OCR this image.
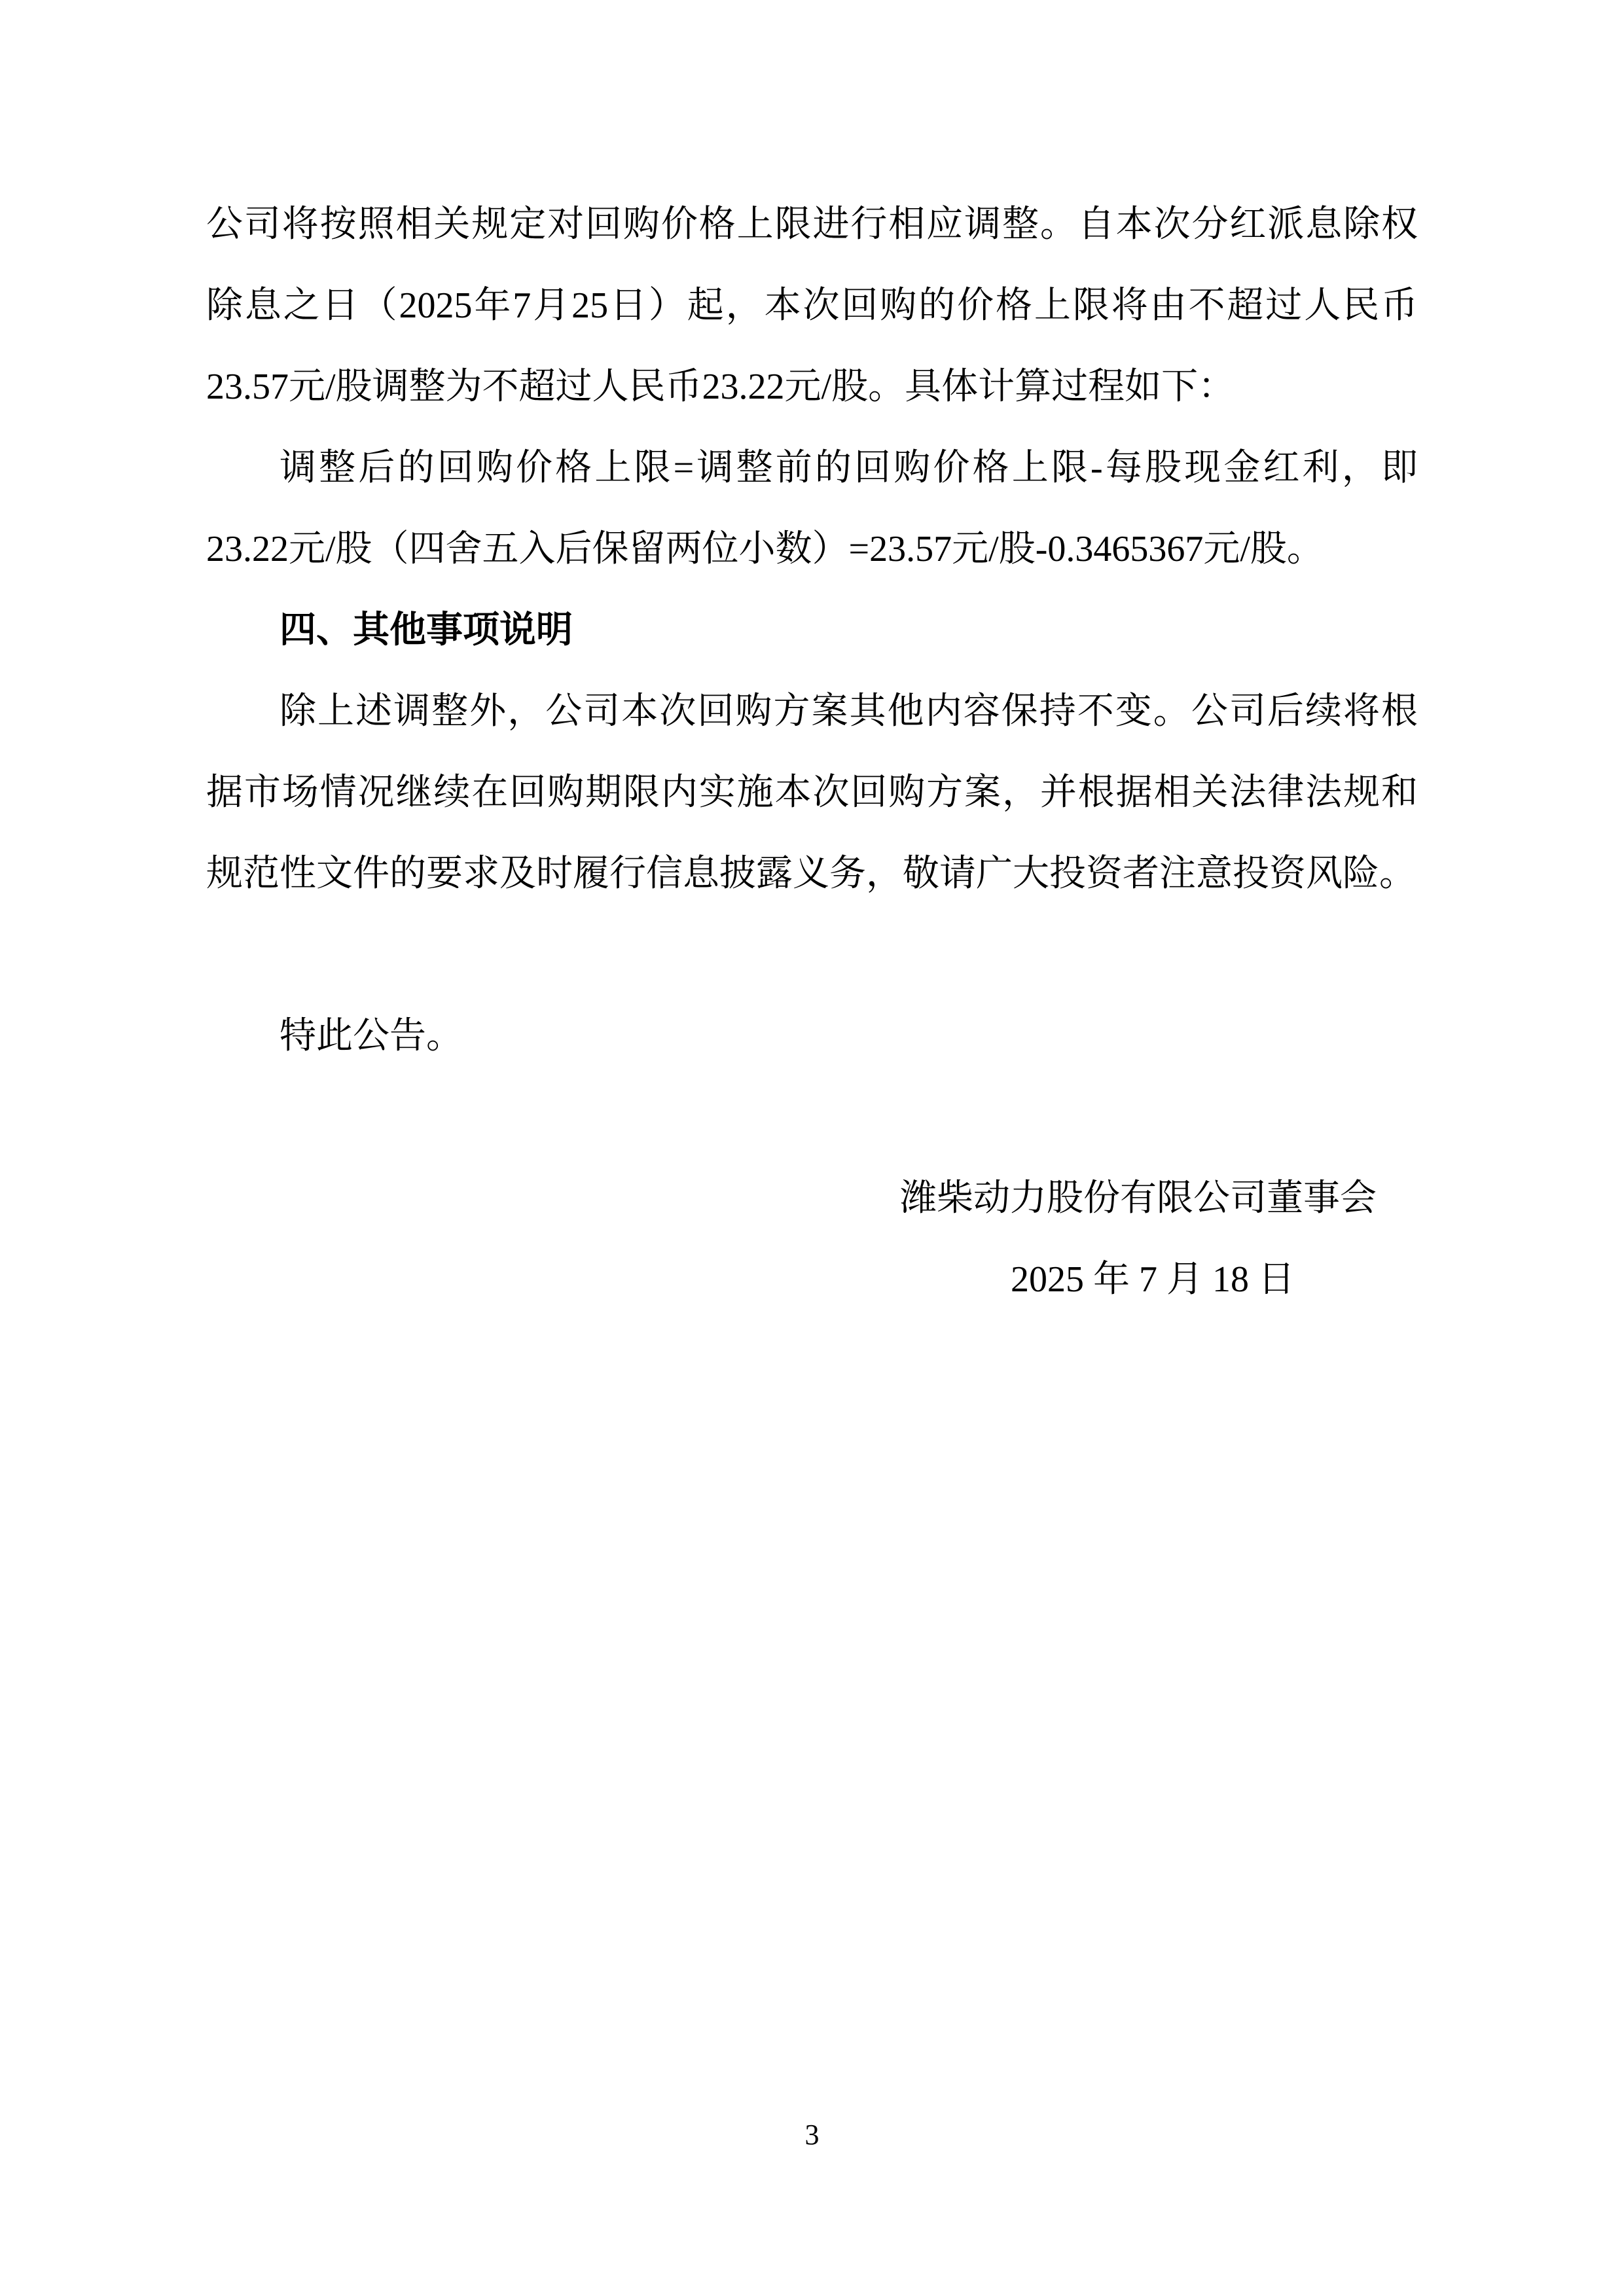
公司将按照相关规定对回购价格上限进行相应调整。自本次分红派息除权
除息之日（2025年7月25日）起，本次回购的价格上限将由不超过人民币
23.57元/股调整为不超过人民币23.22元/股。具体计算过程如下：
调整后的回购价格上限=调整前的回购价格上限-每股现金红利，即
23.22元/股（四舍五入后保留两位小数）=23.57元/股-0.3465367元/股。
四、其他事项说明
除上述调整外，公司本次回购方案其他内容保持不变。公司后续将根
据市场情况继续在回购期限内实施本次回购方案，并根据相关法律法规和
规范性文件的要求及时履行信息披露义务，敬请广大投资者注意投资风险。
特此公告。
潍柴动力股份有限公司董事会
2025 年 7 月 18 日
3
